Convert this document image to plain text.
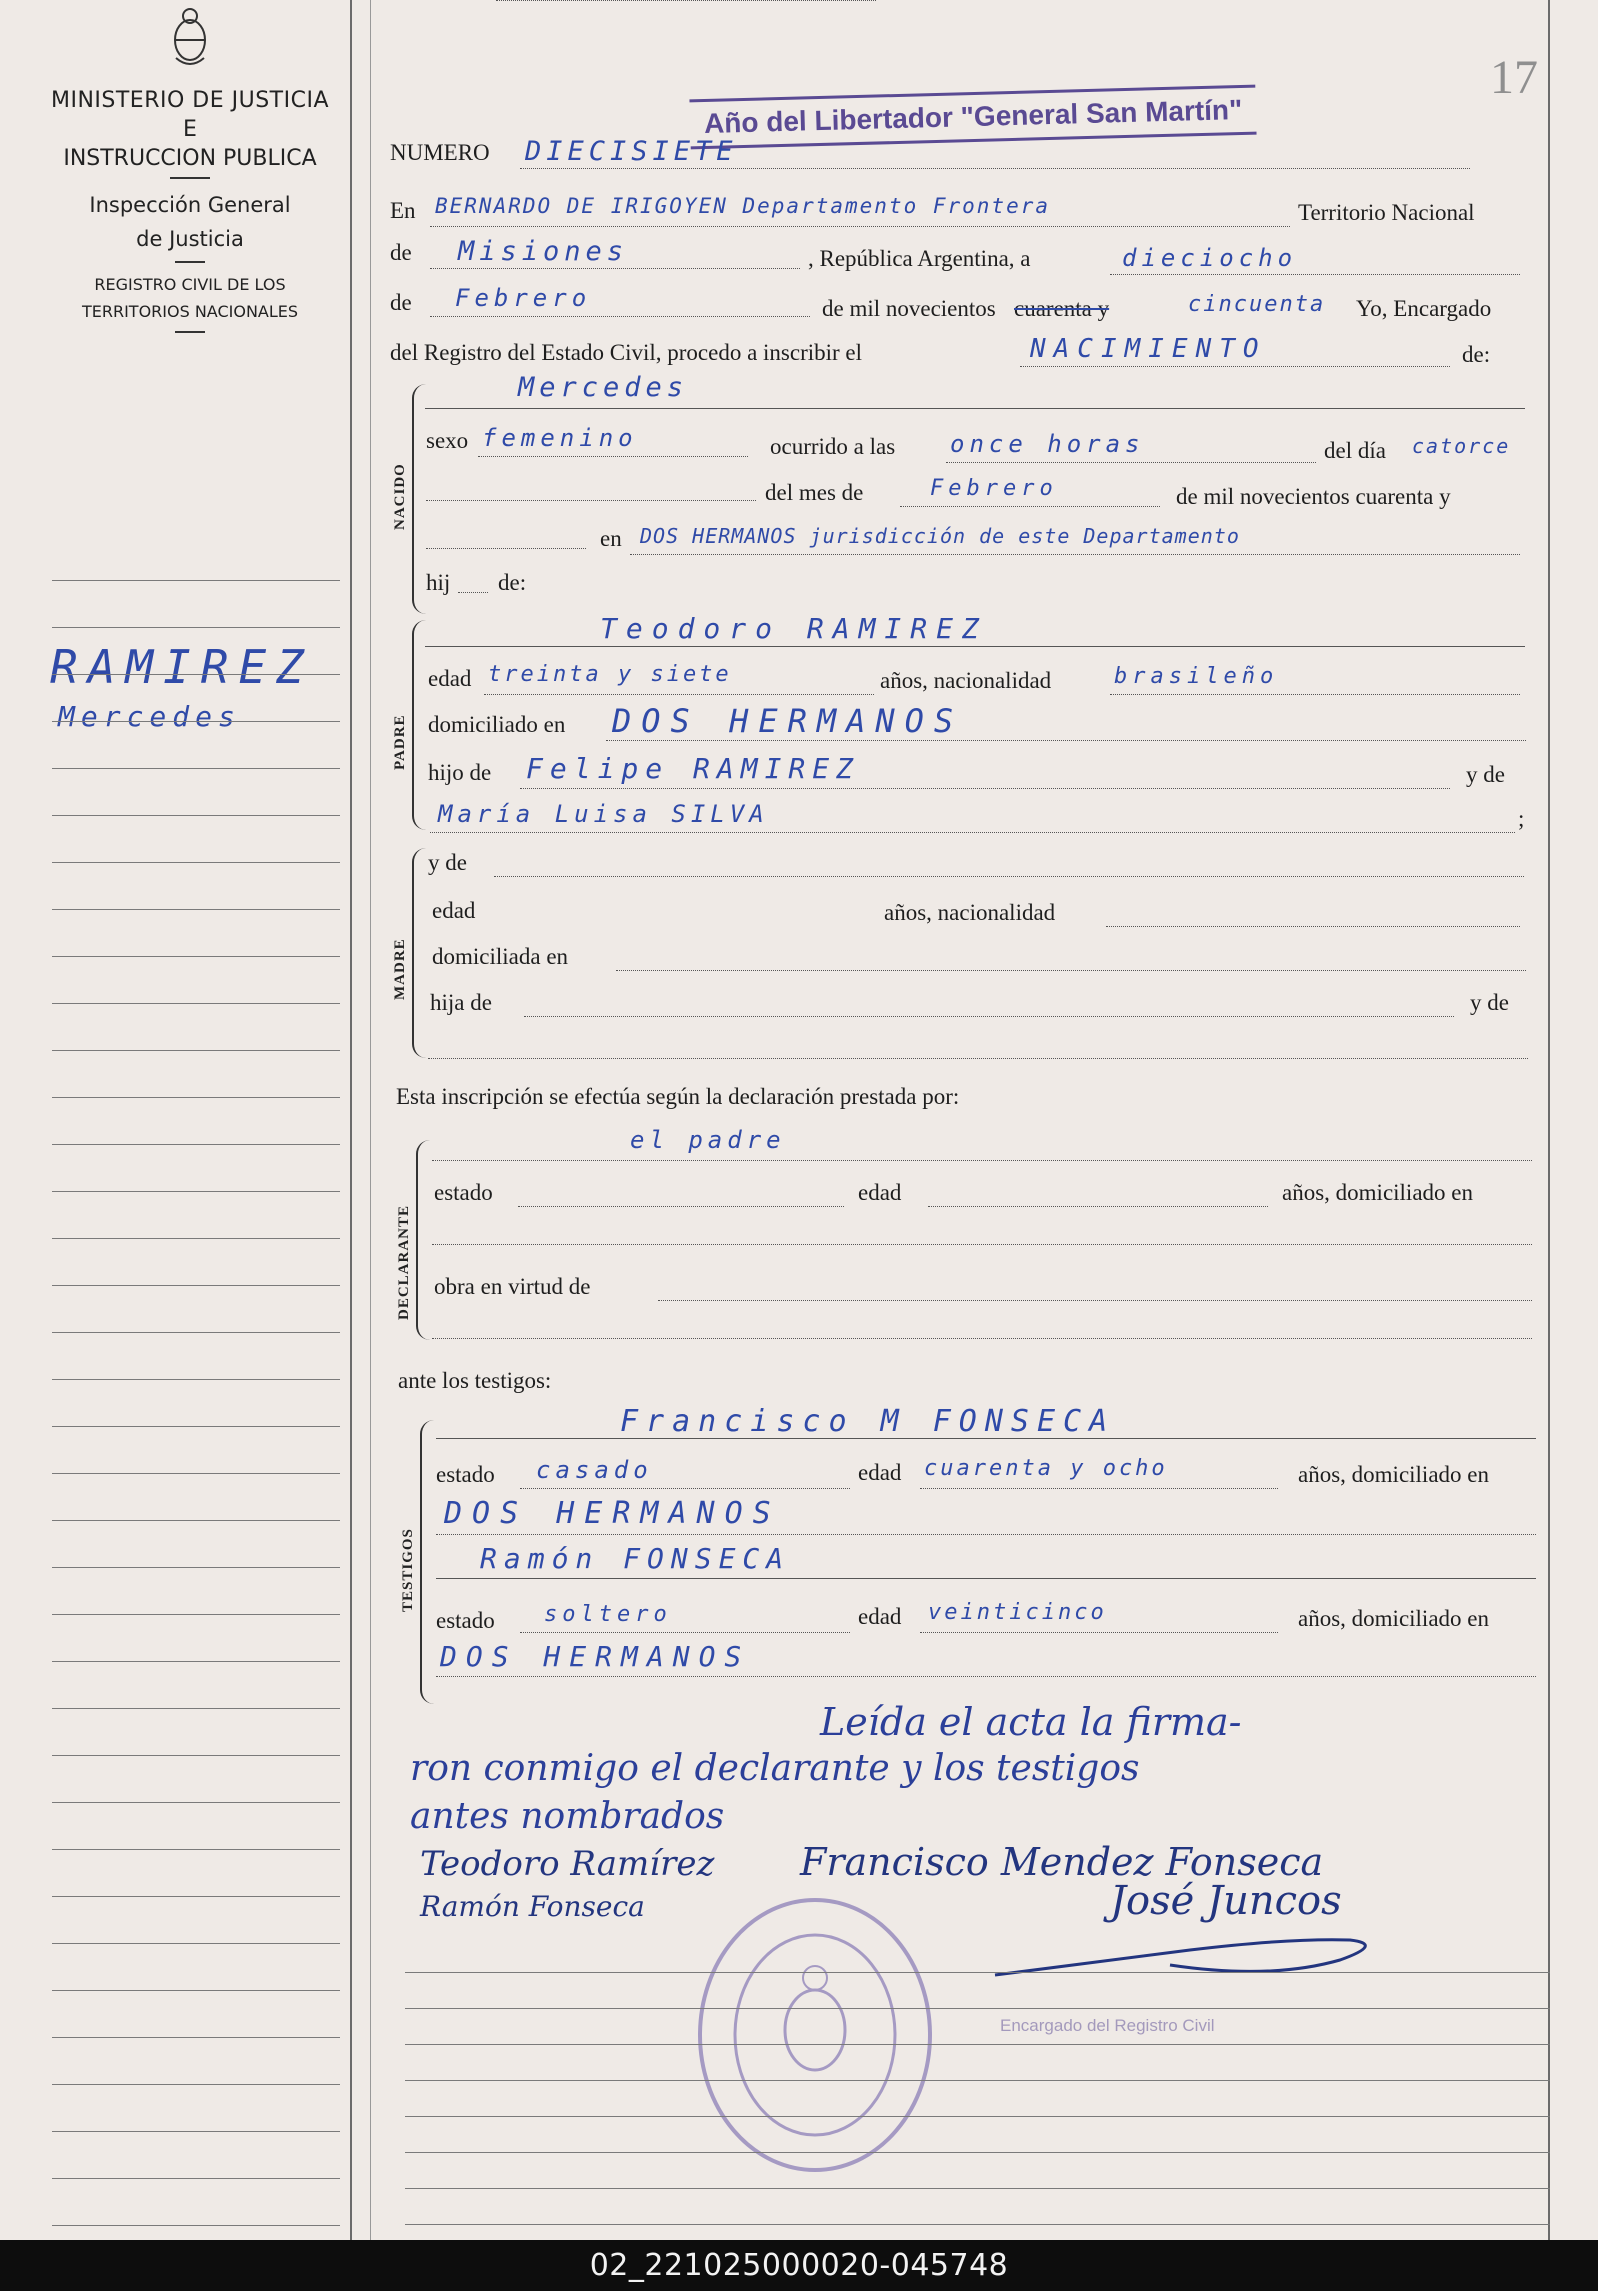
MINISTERIO DE JUSTICIA
E
INSTRUCCION PUBLICA
Inspección General
de Justicia
REGISTRO CIVIL DE LOS
TERRITORIOS NACIONALES
RAMIREZ
Mercedes
17
Año del Libertador "General San Martín"
NUMERO DIECISIETE
En BERNARDO DE IRIGOYEN Departamento Frontera	Territorio Nacional
de Misiones	, República Argentina, a	dieciocho
de Febrero	de mil novecientos cuarenta y	cincuenta Yo, Encargado
del Registro del Estado Civil, procedo a inscribir el	NACIMIENTO	de:
NACIDO
Mercedes
sexo femenino	ocurrido a las once horas	del día catorce
del mes de	Febrero	de mil novecientos cuarenta y
en DOS HERMANOS jurisdicción de este Departamento
hij de:
PADRE
Teodoro RAMIREZ
edad treinta y siete	años, nacionalidad	brasileño
domiciliado en DOS HERMANOS
hijo de Felipe RAMIREZ	y de
María Luisa SILVA	;
MADRE
y de
edad	años, nacionalidad
domiciliada en
hija de	y de
Esta inscripción se efectúa según la declaración prestada por:
DECLARANTE
el padre
estado	edad	años, domiciliado en
obra en virtud de
ante los testigos:
TESTIGOS
Francisco M FONSECA
estado casado	edad cuarenta y ocho	años, domiciliado en
DOS HERMANOS
Ramón FONSECA
estado soltero	edad veinticinco	años, domiciliado en
DOS HERMANOS
Leída el acta la firma-
ron conmigo el declarante y los testigos
antes nombrados
Teodoro Ramírez Francisco Mendez Fonseca
Ramón Fonseca	José Juncos
Encargado del Registro Civil
02_221025000020-045748
